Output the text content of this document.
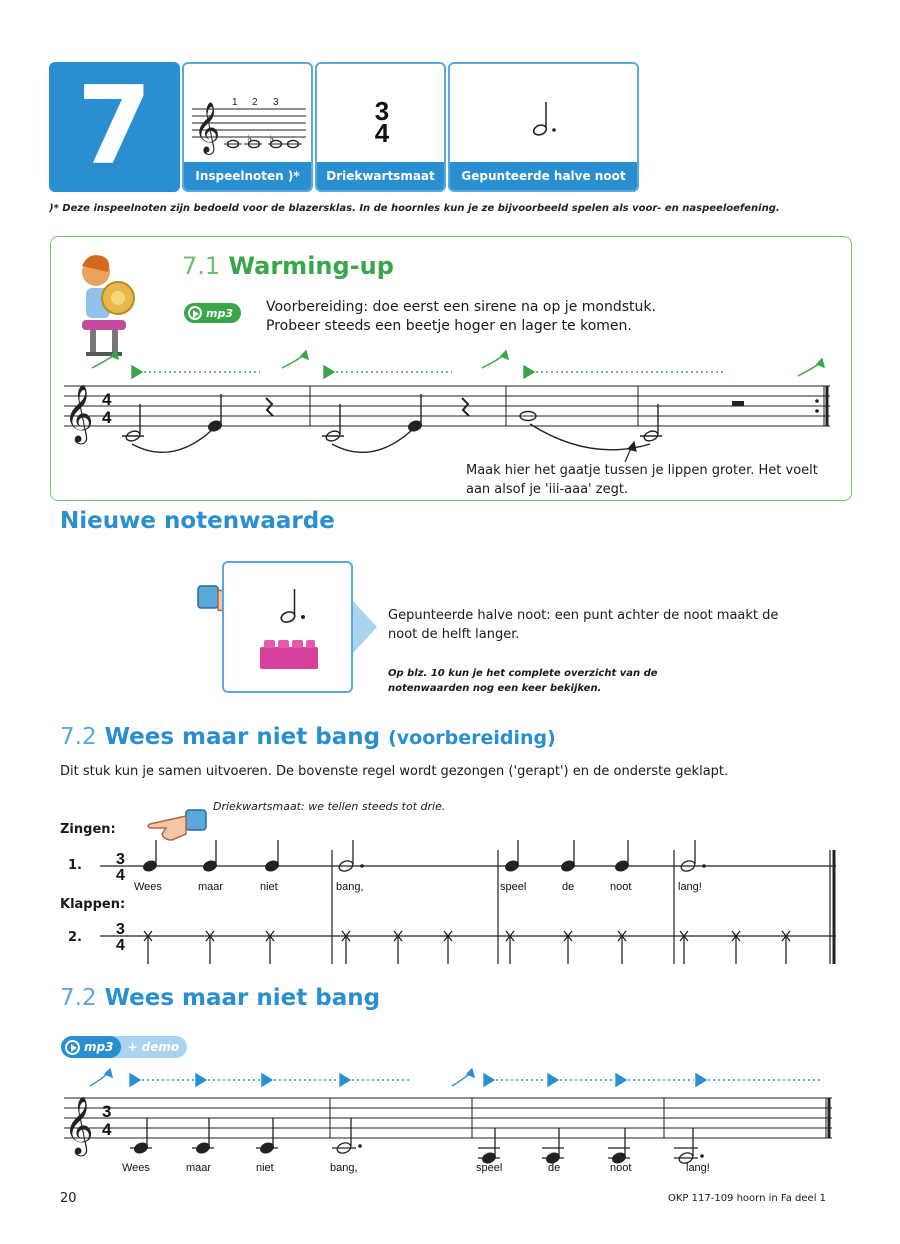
7 𝄞 ♭ ♭
1 2 3
Inspeelnoten )*
3
4
Driekwartsmaat	Gepunteerde halve noot
)* Deze inspeelnoten zijn bedoeld voor de blazersklas. In de hoornles kun je ze bijvoorbeeld spelen als voor- en naspeeloefening.
7.1 Warming-up
mp3 Voorbereiding: doe eerst een sirene na op je mondstuk.
Probeer steeds een beetje hoger en lager te komen.
𝄞 4
4
Maak hier het gaatje tussen je lippen groter. Het voelt
aan alsof je 'iii-aaa' zegt.
Nieuwe notenwaarde
Gepunteerde halve noot: een punt achter de noot maakt de
noot de helft langer.
Op blz. 10 kun je het complete overzicht van de
notenwaarden nog een keer bekijken.
7.2 Wees maar niet bang (voorbereiding)
Dit stuk kun je samen uitvoeren. De bovenste regel wordt gezongen ('gerapt') en de onderste geklapt.
Driekwartsmaat: we tellen steeds tot drie.
Zingen:
1.
Klappen:
2.
3
4
3
4
Wees	maar	niet	bang,	speel	de	noot	lang!
7.2 Wees maar niet bang
mp3 + demo
𝄞 3
4
Wees	maar	niet	bang,	speel	de	noot	lang!
20	OKP 117-109 hoorn in Fa deel 1
